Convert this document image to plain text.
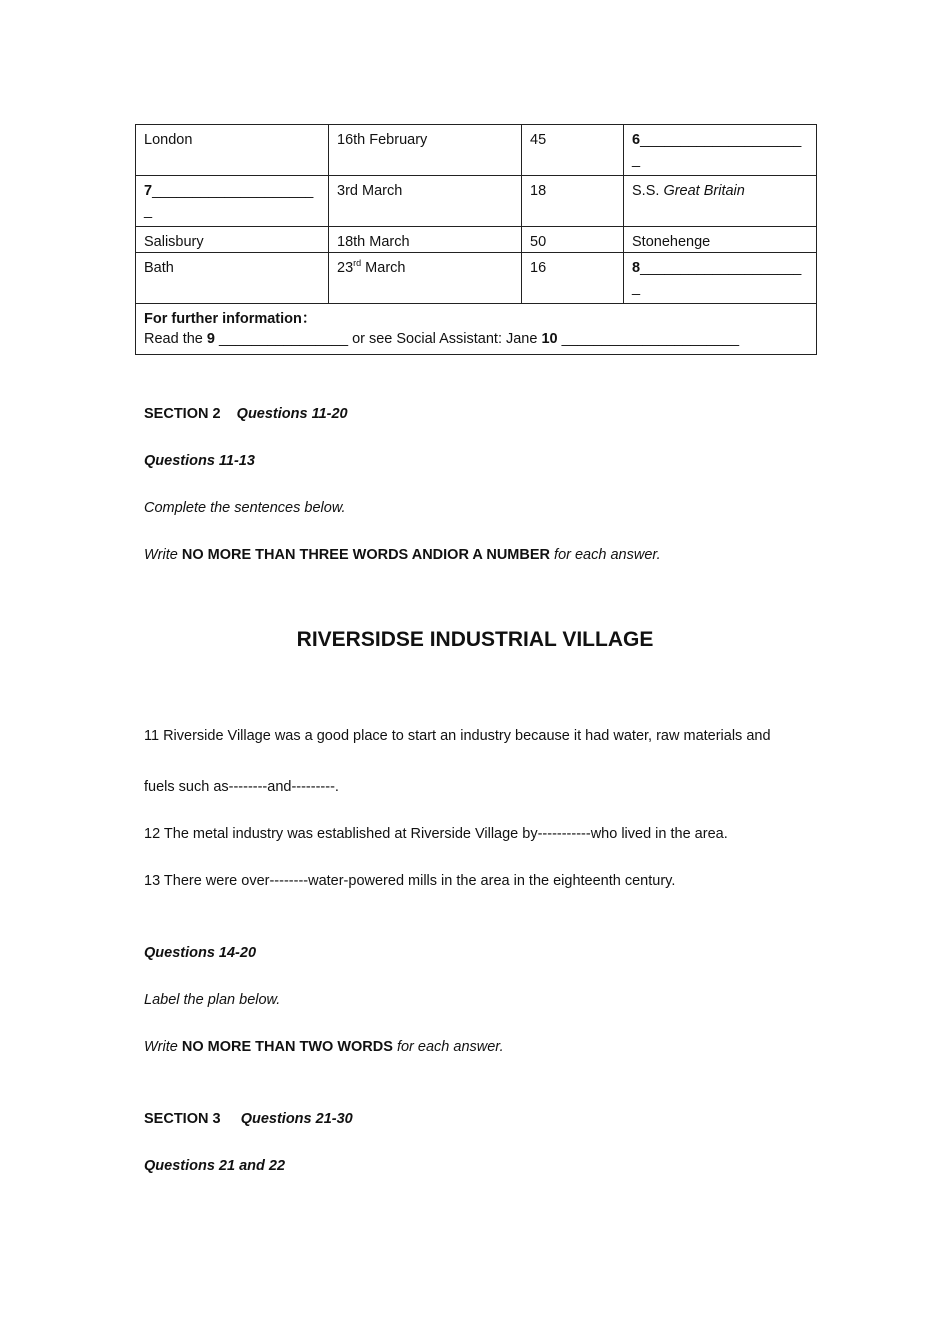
London	16th February	45	6_____________________
7_____________________	3rd March	18	S.S. Great Britain
Salisbury	18th March	50	Stonehenge
Bath	23rd March	16	8_____________________

For further information：
Read the 9 ________________ or see Social Assistant: Jane 10 ______________________			
SECTION 2 Questions 11-20
Questions 11-13
Complete the sentences below.
Write NO MORE THAN THREE WORDS ANDIOR A NUMBER for each answer.
RIVERSIDSE INDUSTRIAL VILLAGE
11 Riverside Village was a good place to start an industry because it had water, raw materials and
fuels such as--------and---------.
12 The metal industry was established at Riverside Village by-----------who lived in the area.
13 There were over--------water-powered mills in the area in the eighteenth century.
Questions 14-20
Label the plan below.
Write NO MORE THAN TWO WORDS for each answer.
SECTION 3 Questions 21-30
Questions 21 and 22
